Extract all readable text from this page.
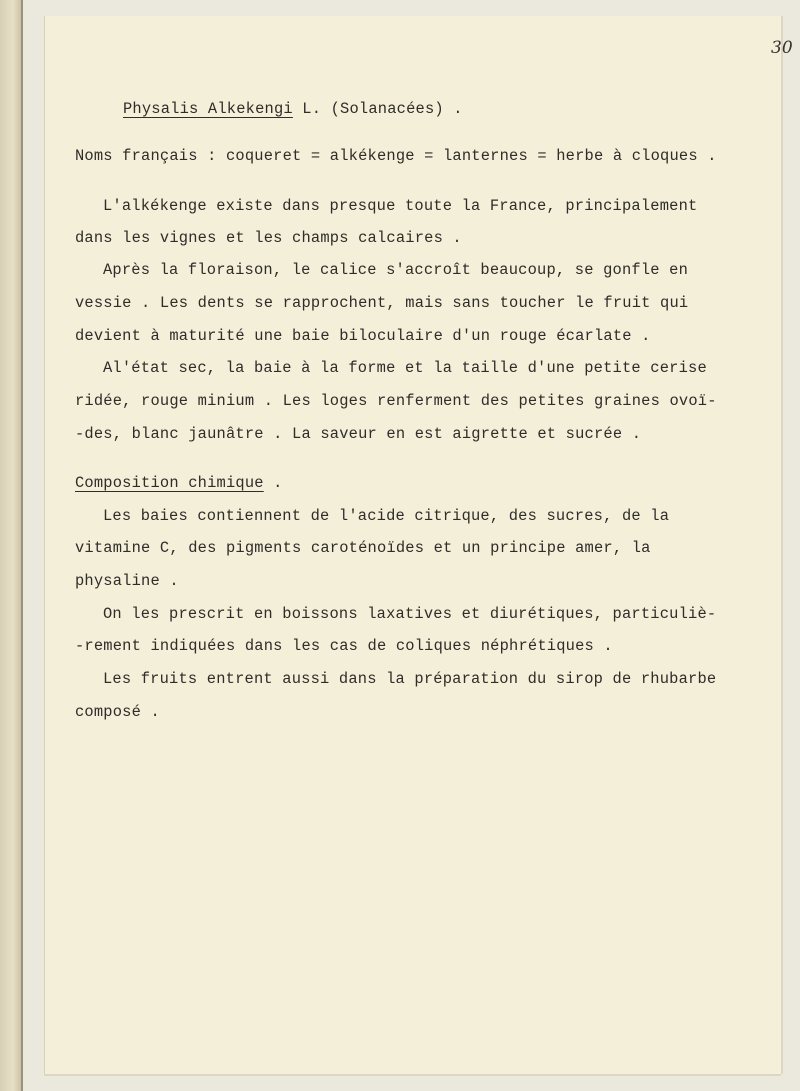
30
Physalis Alkekengi L. (Solanacées) .
Noms français : coqueret = alkékenge = lanternes = herbe à cloques .
L'alkékenge existe dans presque toute la France, principalement
dans les vignes et les champs calcaires .
Après la floraison, le calice s'accroît beaucoup, se gonfle en
vessie . Les dents se rapprochent, mais sans toucher le fruit qui
devient à maturité une baie biloculaire d'un rouge écarlate .
Al'état sec, la baie à la forme et la taille d'une petite cerise
ridée, rouge minium . Les loges renferment des petites graines ovoï-
-des, blanc jaunâtre . La saveur en est aigrette et sucrée .
Composition chimique .
Les baies contiennent de l'acide citrique, des sucres, de la
vitamine C, des pigments caroténoïdes et un principe amer, la
physaline .
On les prescrit en boissons laxatives et diurétiques, particuliè-
-rement indiquées dans les cas de coliques néphrétiques .
Les fruits entrent aussi dans la préparation du sirop de rhubarbe
composé .
